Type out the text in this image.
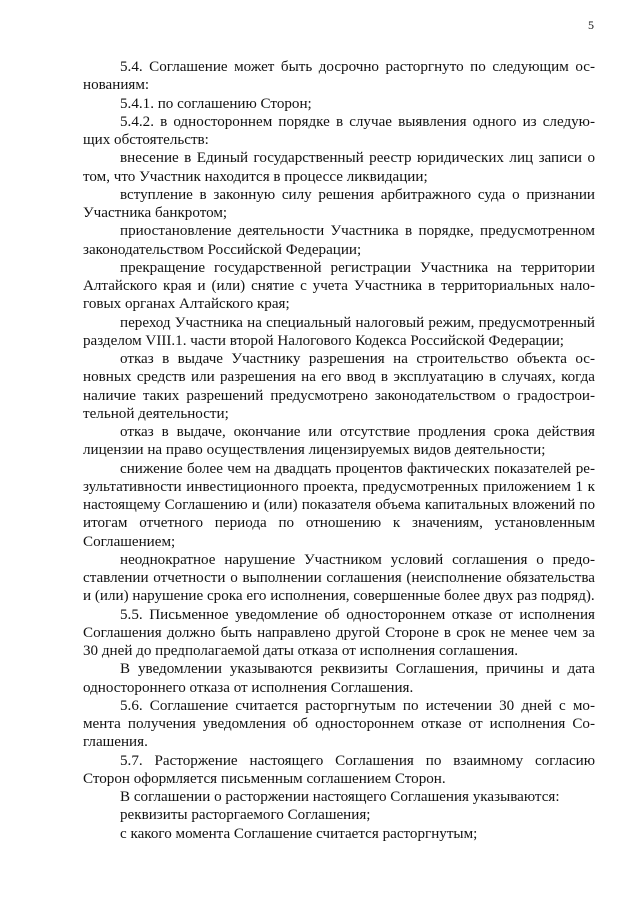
5

5.4. Соглашение может быть досрочно расторгнуто по следующим основаниям:

5.4.1. по соглашению Сторон;

5.4.2. в одностороннем порядке в случае выявления одного из следующих обстоятельств:

внесение в Единый государственный реестр юридических лиц записи о том, что Участник находится в процессе ликвидации;

вступление в законную силу решения арбитражного суда о признании Участника банкротом;

приостановление деятельности Участника в порядке, предусмотренном законодательством Российской Федерации;

прекращение государственной регистрации Участника на территории Алтайского края и (или) снятие с учета Участника в территориальных налоговых органах Алтайского края;

переход Участника на специальный налоговый режим, предусмотренный разделом VIII.1. части второй Налогового Кодекса Российской Федерации;

отказ в выдаче Участнику разрешения на строительство объекта основных средств или разрешения на его ввод в эксплуатацию в случаях, когда наличие таких разрешений предусмотрено законодательством о градостроительной деятельности;

отказ в выдаче, окончание или отсутствие продления срока действия лицензии на право осуществления лицензируемых видов деятельности;

снижение более чем на двадцать процентов фактических показателей результативности инвестиционного проекта, предусмотренных приложением 1 к настоящему Соглашению и (или) показателя объема капитальных вложений по итогам отчетного периода по отношению к значениям, установленным Соглашением;

неоднократное нарушение Участником условий соглашения о предоставлении отчетности о выполнении соглашения (неисполнение обязательства и (или) нарушение срока его исполнения, совершенные более двух раз подряд).

5.5. Письменное уведомление об одностороннем отказе от исполнения Соглашения должно быть направлено другой Стороне в срок не менее чем за 30 дней до предполагаемой даты отказа от исполнения соглашения.

В уведомлении указываются реквизиты Соглашения, причины и дата одностороннего отказа от исполнения Соглашения.

5.6. Соглашение считается расторгнутым по истечении 30 дней с момента получения уведомления об одностороннем отказе от исполнения Соглашения.

5.7. Расторжение настоящего Соглашения по взаимному согласию Сторон оформляется письменным соглашением Сторон.

В соглашении о расторжении настоящего Соглашения указываются:

реквизиты расторгаемого Соглашения;

с какого момента Соглашение считается расторгнутым;
